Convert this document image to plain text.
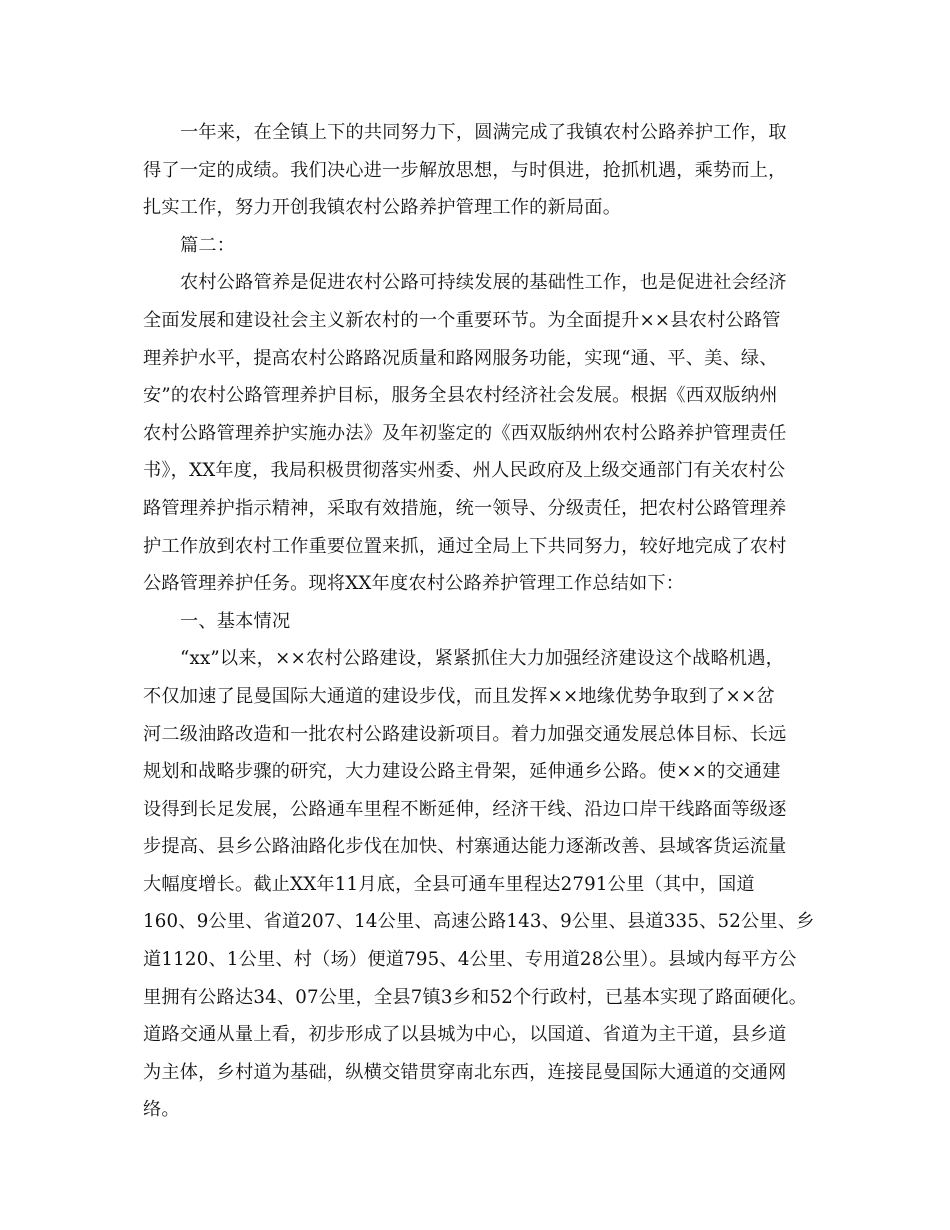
一年来，在全镇上下的共同努力下，圆满完成了我镇农村公路养护工作，取
得了一定的成绩。我们决心进一步解放思想，与时俱进，抢抓机遇，乘势而上，
扎实工作，努力开创我镇农村公路养护管理工作的新局面。
篇二：
农村公路管养是促进农村公路可持续发展的基础性工作，也是促进社会经济
全面发展和建设社会主义新农村的一个重要环节。为全面提升××县农村公路管
理养护水平，提高农村公路路况质量和路网服务功能，实现“通、平、美、绿、
安”的农村公路管理养护目标，服务全县农村经济社会发展。根据《西双版纳州
农村公路管理养护实施办法》及年初鉴定的《西双版纳州农村公路养护管理责任
书》，XX年度，我局积极贯彻落实州委、州人民政府及上级交通部门有关农村公
路管理养护指示精神，采取有效措施，统一领导、分级责任，把农村公路管理养
护工作放到农村工作重要位置来抓，通过全局上下共同努力，较好地完成了农村
公路管理养护任务。现将XX年度农村公路养护管理工作总结如下：
一、基本情况
“xx”以来，××农村公路建设，紧紧抓住大力加强经济建设这个战略机遇，
不仅加速了昆曼国际大通道的建设步伐，而且发挥××地缘优势争取到了××岔
河二级油路改造和一批农村公路建设新项目。着力加强交通发展总体目标、长远
规划和战略步骤的研究，大力建设公路主骨架，延伸通乡公路。使××的交通建
设得到长足发展，公路通车里程不断延伸，经济干线、沿边口岸干线路面等级逐
步提高、县乡公路油路化步伐在加快、村寨通达能力逐渐改善、县域客货运流量
大幅度增长。截止XX年11月底，全县可通车里程达2791公里（其中，国道
160、9公里、省道207、14公里、高速公路143、9公里、县道335、52公里、乡
道1120、1公里、村（场）便道795、4公里、专用道28公里）。县域内每平方公
里拥有公路达34、07公里，全县7镇3乡和52个行政村，已基本实现了路面硬化。
道路交通从量上看，初步形成了以县城为中心，以国道、省道为主干道，县乡道
为主体，乡村道为基础，纵横交错贯穿南北东西，连接昆曼国际大通道的交通网
络。
